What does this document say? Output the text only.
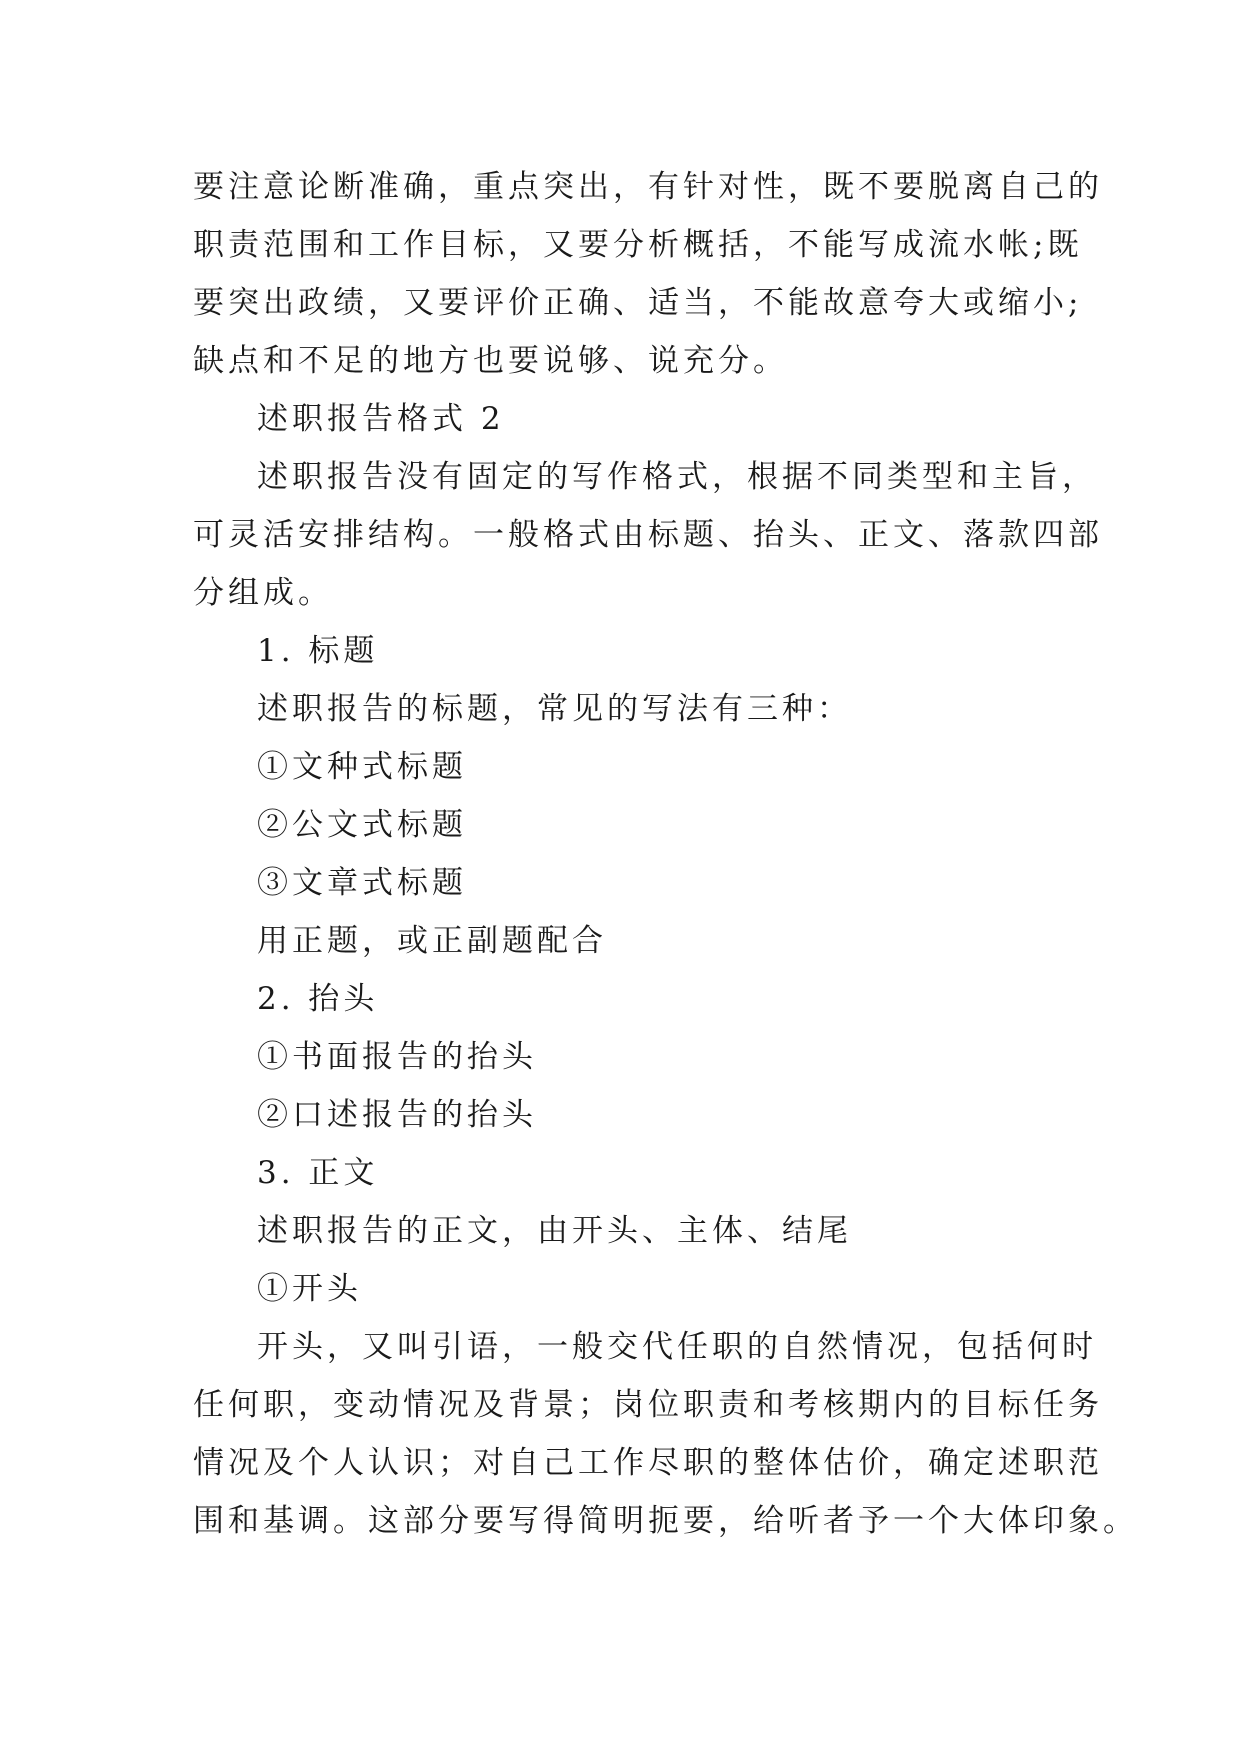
要注意论断准确，重点突出，有针对性，既不要脱离自己的

职责范围和工作目标，又要分析概括，不能写成流水帐;既

要突出政绩，又要评价正确、适当，不能故意夸大或缩小;

缺点和不足的地方也要说够、说充分。

述职报告格式 2

述职报告没有固定的写作格式，根据不同类型和主旨，

可灵活安排结构。一般格式由标题、抬头、正文、落款四部

分组成。

1. 标题

述职报告的标题，常见的写法有三种：

①文种式标题

②公文式标题

③文章式标题

用正题，或正副题配合

2. 抬头

①书面报告的抬头

②口述报告的抬头

3. 正文

述职报告的正文，由开头、主体、结尾

①开头

开头，又叫引语，一般交代任职的自然情况，包括何时

任何职，变动情况及背景；岗位职责和考核期内的目标任务

情况及个人认识；对自己工作尽职的整体估价，确定述职范

围和基调。这部分要写得简明扼要，给听者予一个大体印象。
